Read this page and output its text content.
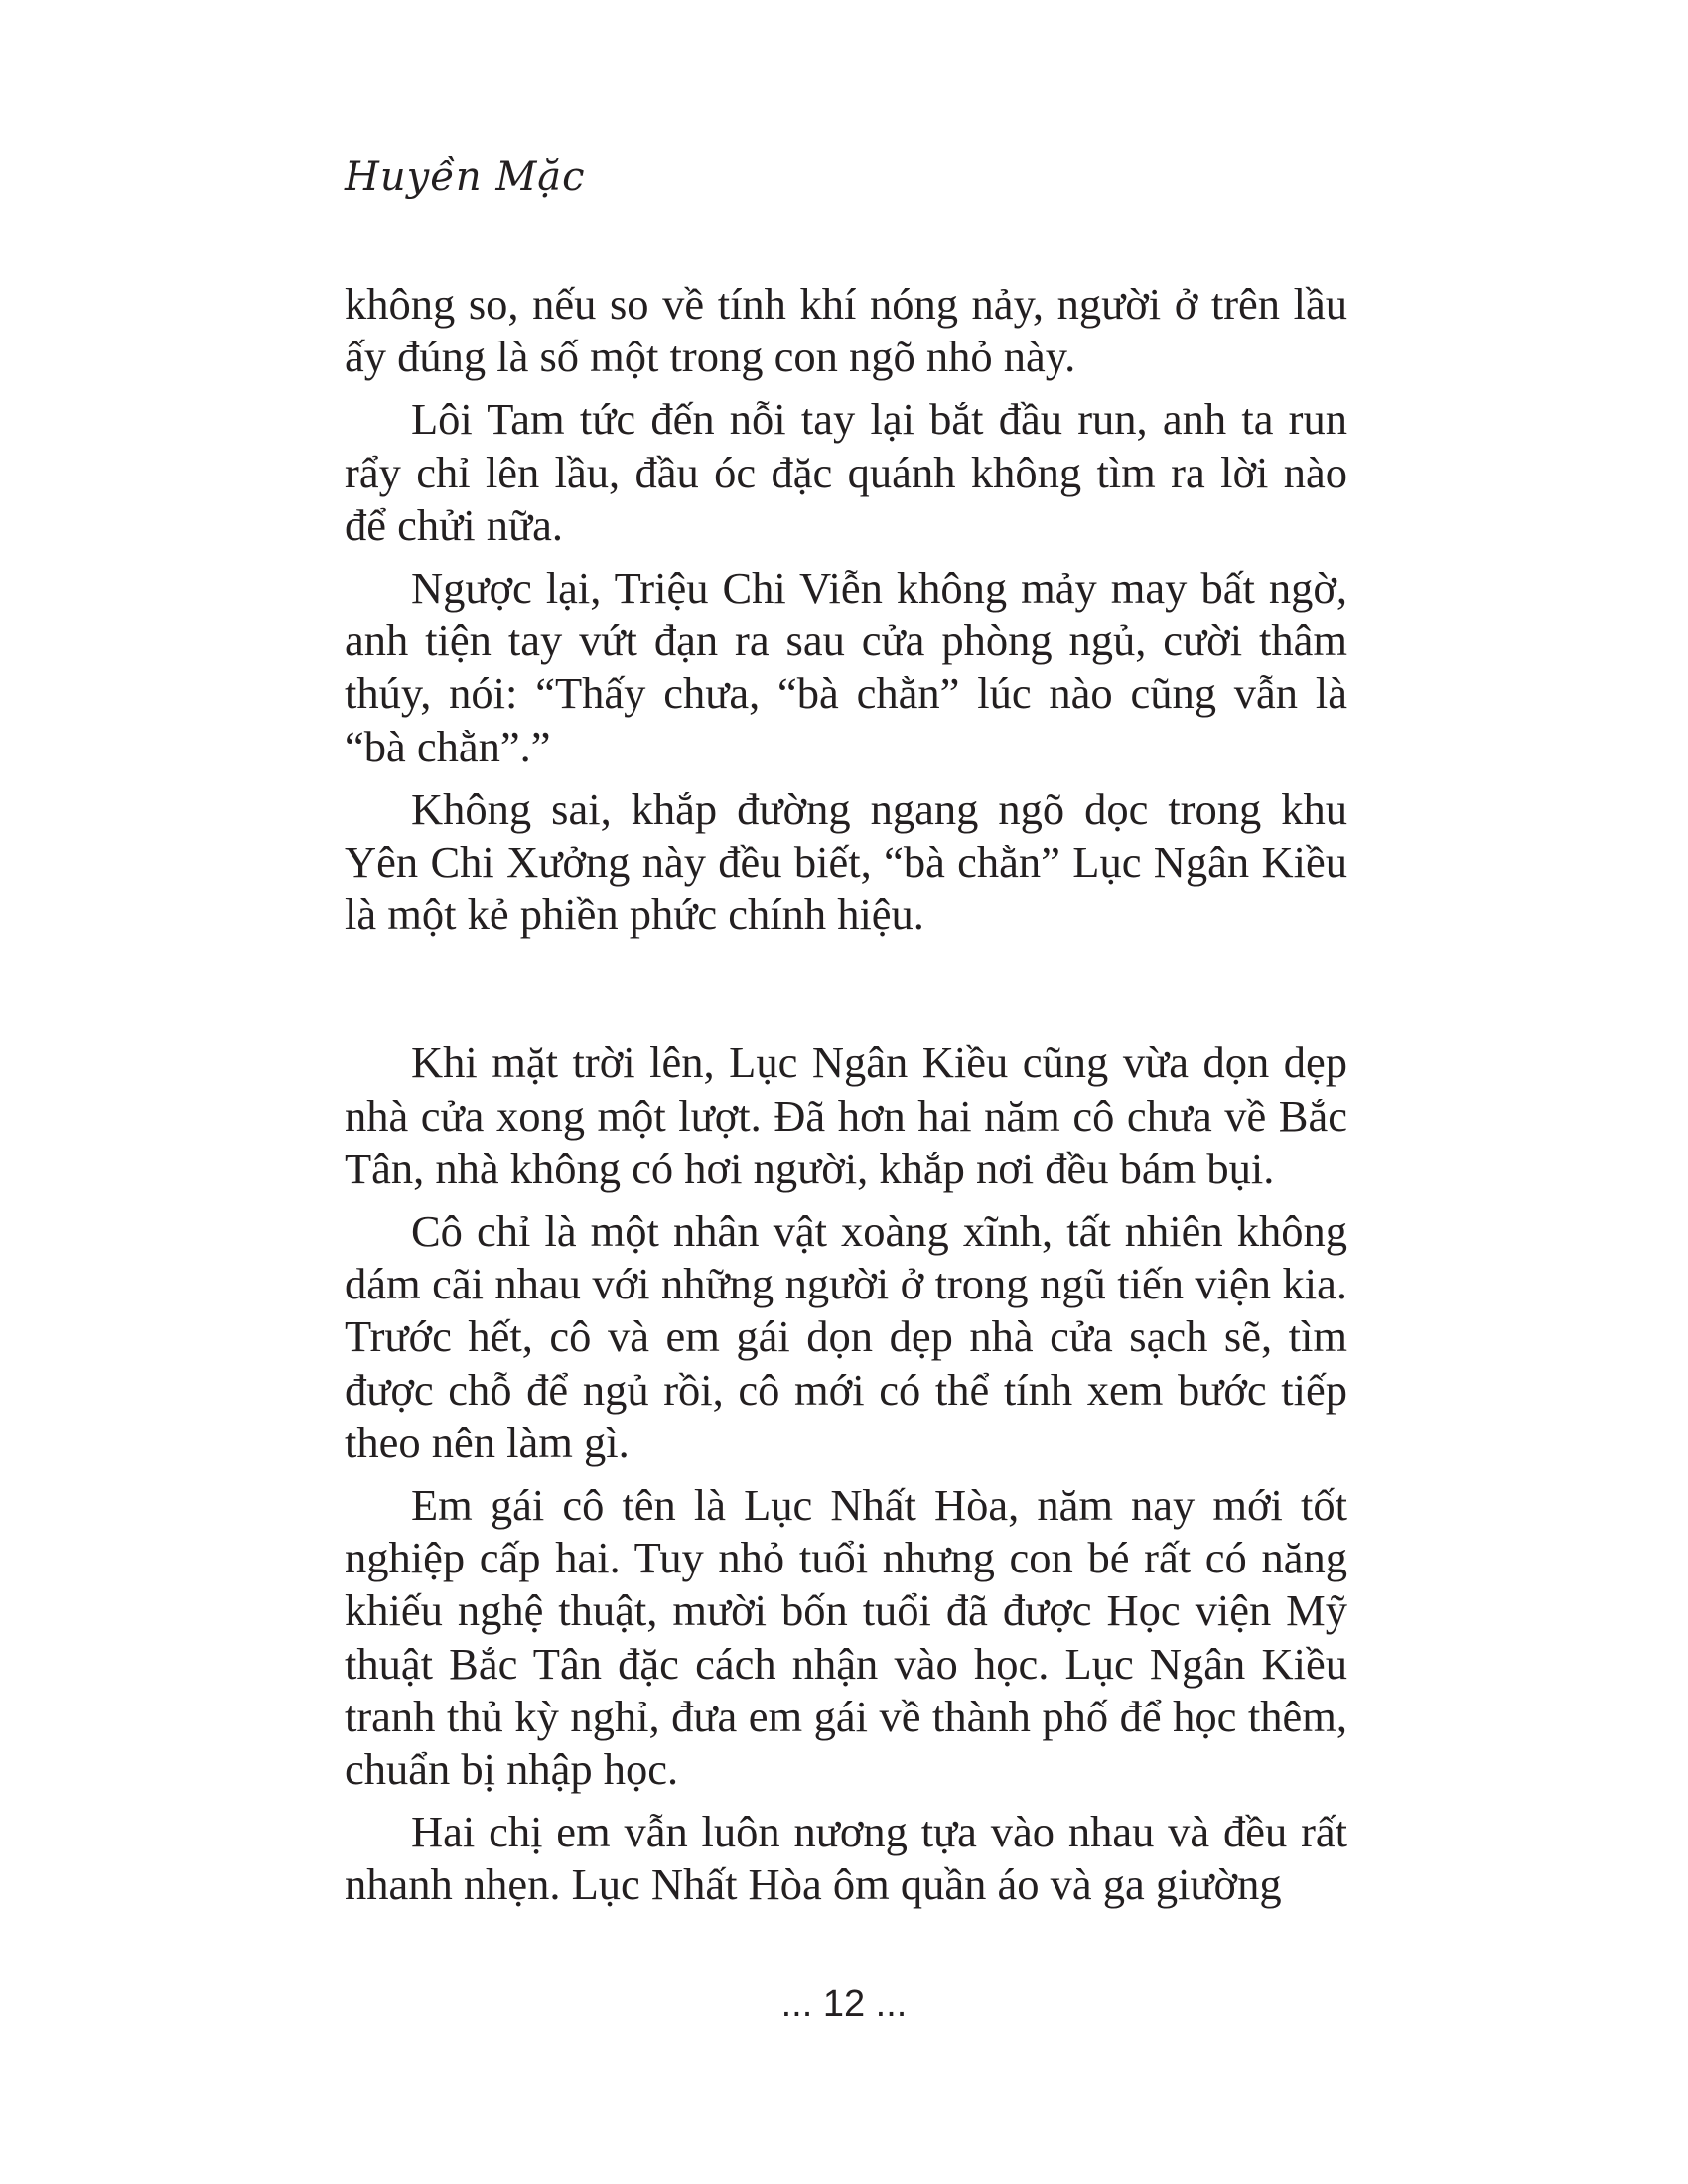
Huyền Mặc

không so, nếu so về tính khí nóng nảy, người ở trên lầu ấy đúng là số một trong con ngõ nhỏ này.

Lôi Tam tức đến nỗi tay lại bắt đầu run, anh ta run rẩy chỉ lên lầu, đầu óc đặc quánh không tìm ra lời nào để chửi nữa.

Ngược lại, Triệu Chi Viễn không mảy may bất ngờ, anh tiện tay vứt đạn ra sau cửa phòng ngủ, cười thâm thúy, nói: “Thấy chưa, “bà chằn” lúc nào cũng vẫn là “bà chằn”.”

Không sai, khắp đường ngang ngõ dọc trong khu Yên Chi Xưởng này đều biết, “bà chằn” Lục Ngân Kiều là một kẻ phiền phức chính hiệu.

Khi mặt trời lên, Lục Ngân Kiều cũng vừa dọn dẹp nhà cửa xong một lượt. Đã hơn hai năm cô chưa về Bắc Tân, nhà không có hơi người, khắp nơi đều bám bụi.

Cô chỉ là một nhân vật xoàng xĩnh, tất nhiên không dám cãi nhau với những người ở trong ngũ tiến viện kia. Trước hết, cô và em gái dọn dẹp nhà cửa sạch sẽ, tìm được chỗ để ngủ rồi, cô mới có thể tính xem bước tiếp theo nên làm gì.

Em gái cô tên là Lục Nhất Hòa, năm nay mới tốt nghiệp cấp hai. Tuy nhỏ tuổi nhưng con bé rất có năng khiếu nghệ thuật, mười bốn tuổi đã được Học viện Mỹ thuật Bắc Tân đặc cách nhận vào học. Lục Ngân Kiều tranh thủ kỳ nghỉ, đưa em gái về thành phố để học thêm, chuẩn bị nhập học.

Hai chị em vẫn luôn nương tựa vào nhau và đều rất nhanh nhẹn. Lục Nhất Hòa ôm quần áo và ga giường

... 12 ...
